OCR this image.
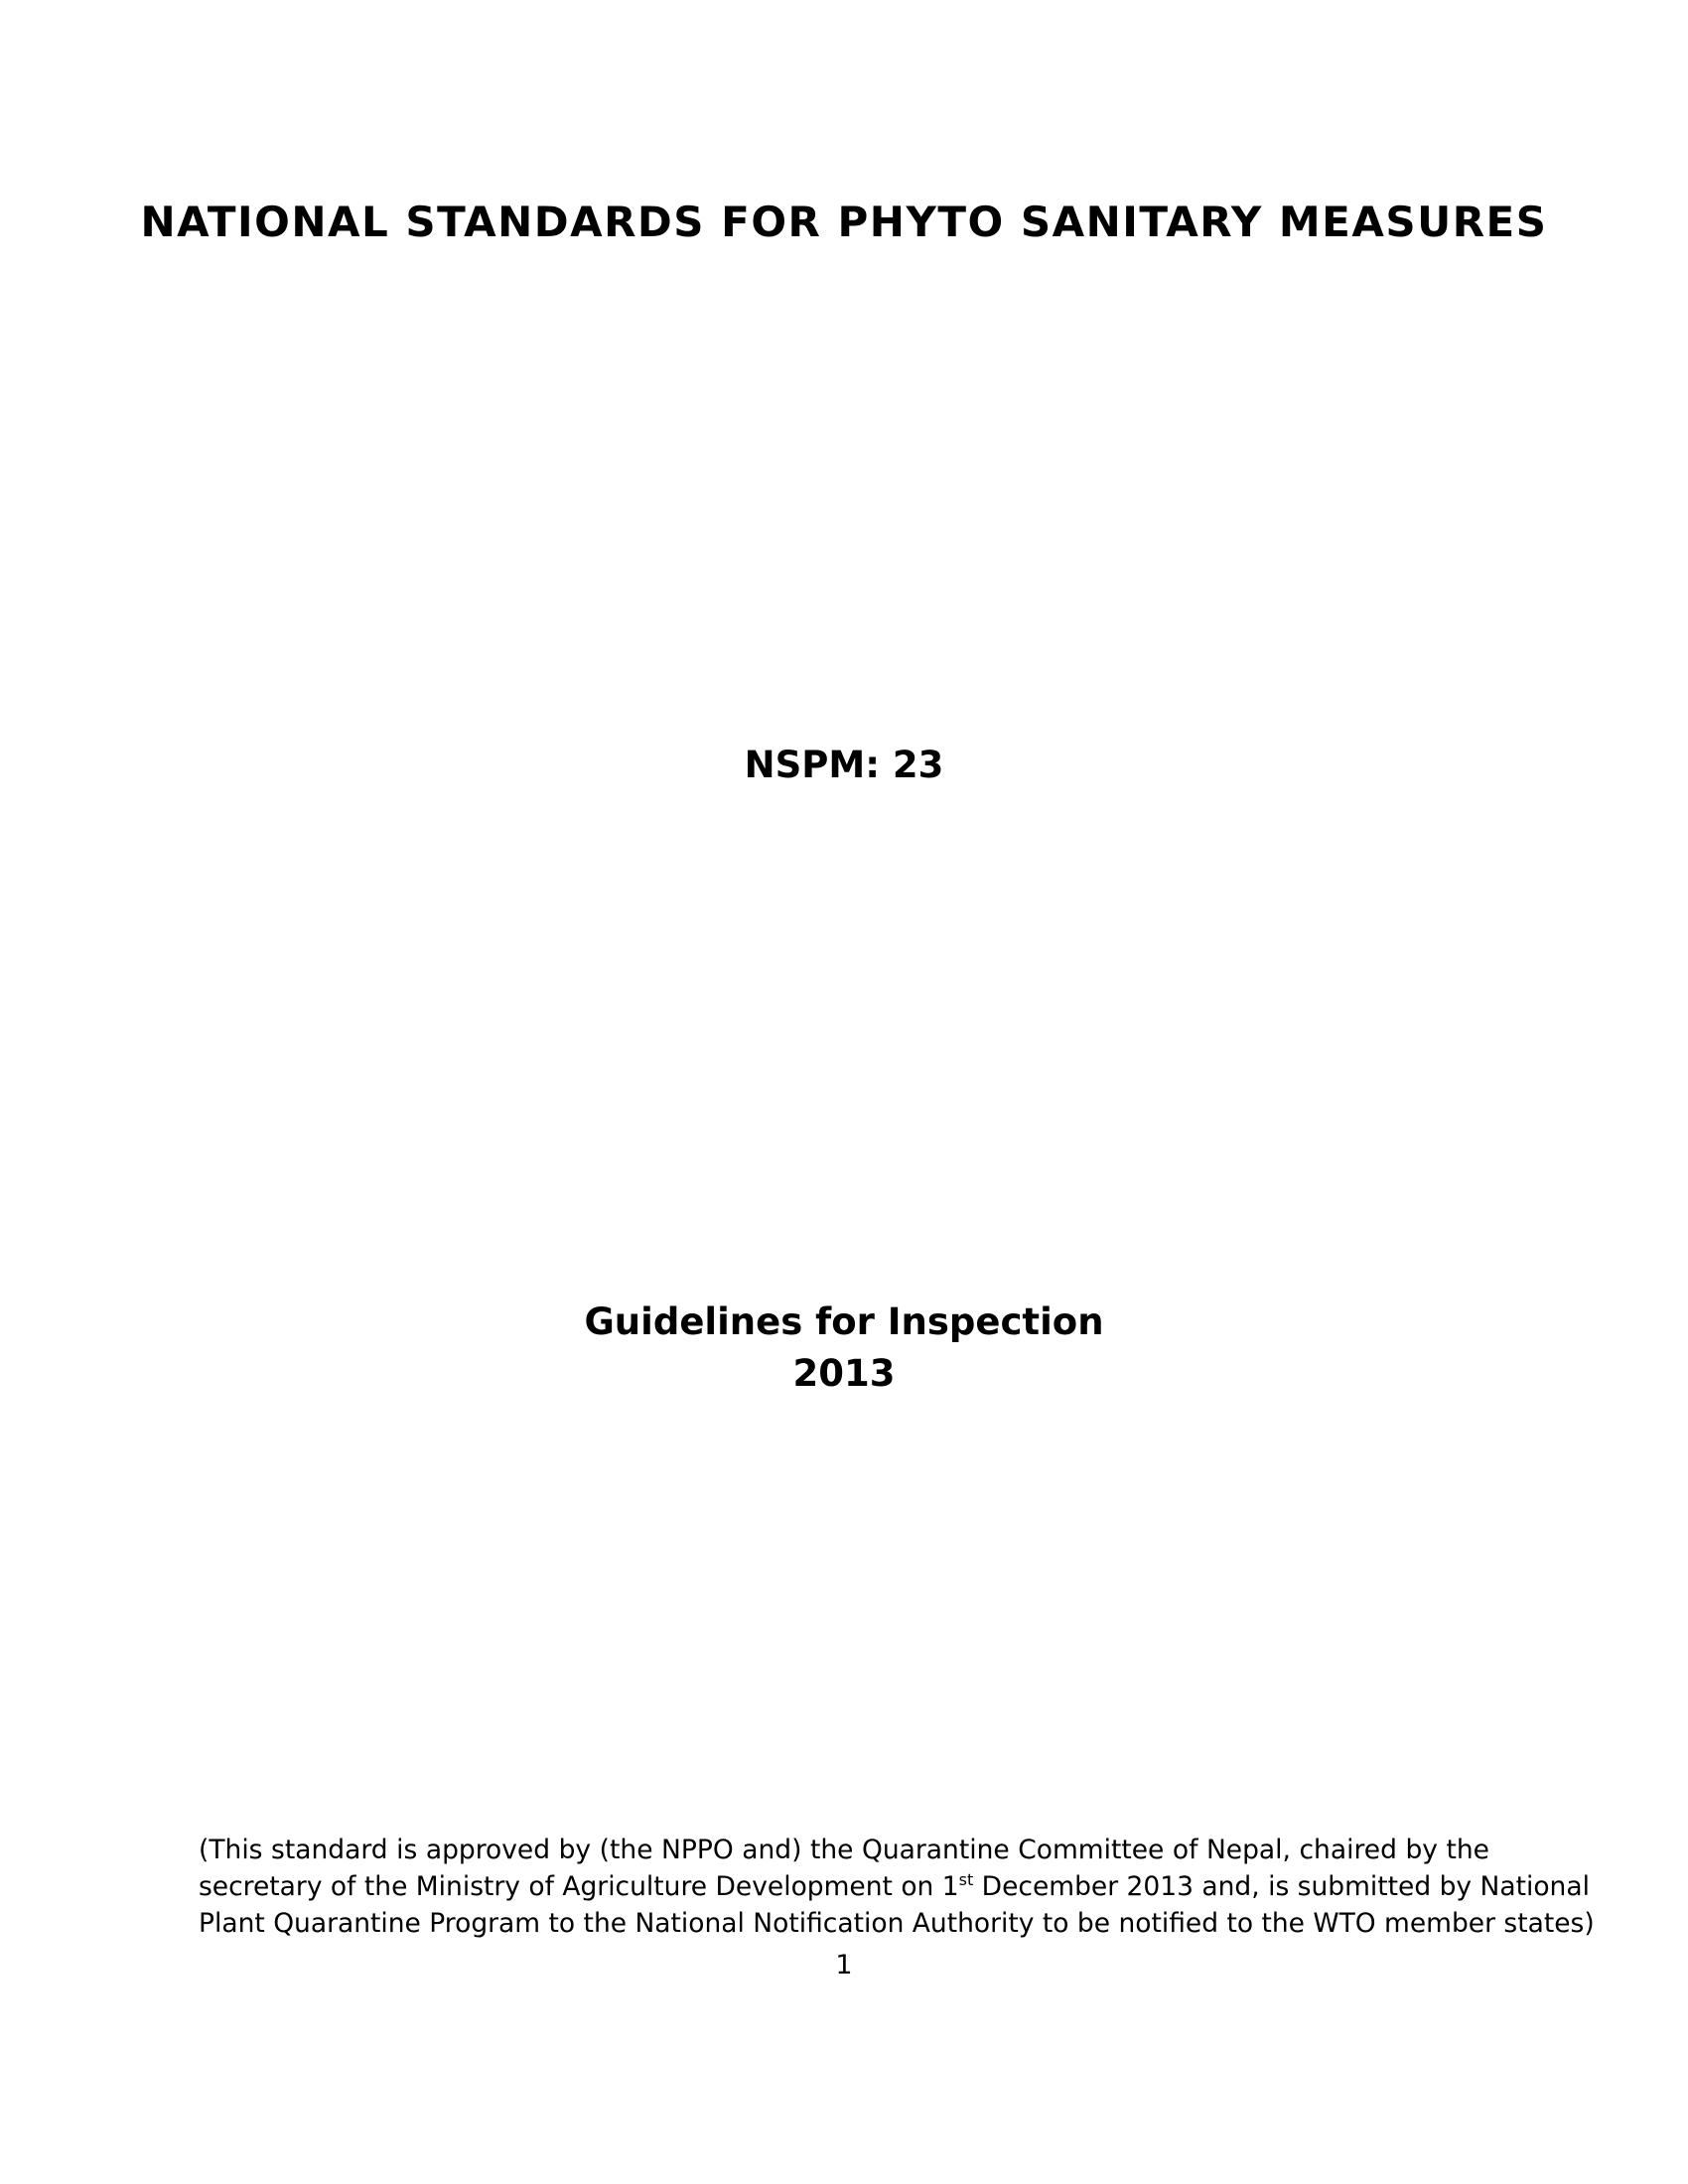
NATIONAL STANDARDS FOR PHYTO SANITARY MEASURES
NSPM: 23
Guidelines for Inspection
2013
(This standard is approved by (the NPPO and) the Quarantine Committee of Nepal, chaired by the
secretary of the Ministry of Agriculture Development on 1st December 2013 and, is submitted by National
Plant Quarantine Program to the National Notification Authority to be notified to the WTO member states)
1
